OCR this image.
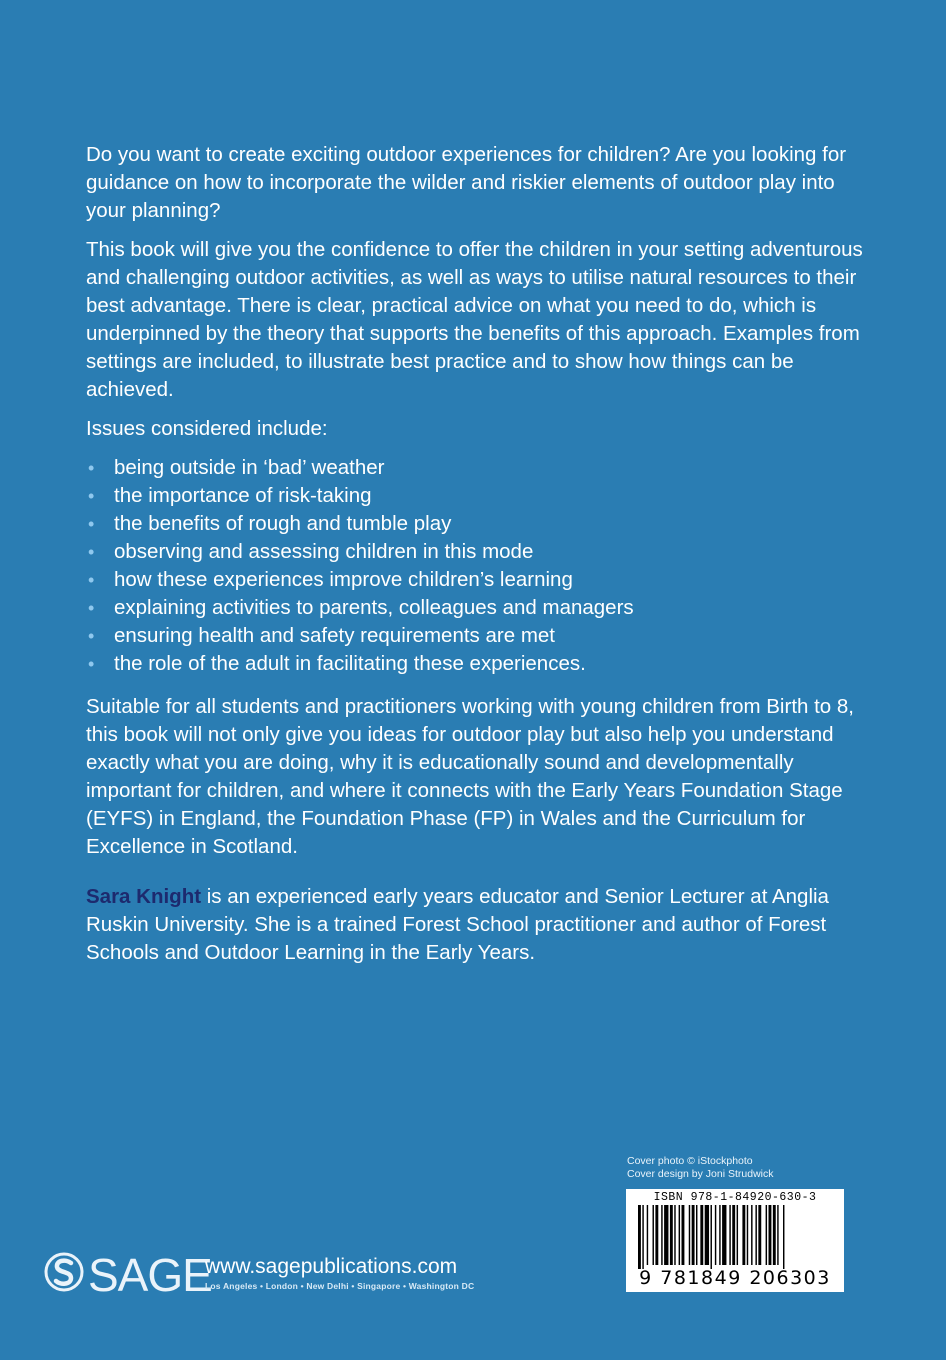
Do you want to create exciting outdoor experiences for children? Are you looking for guidance on how to incorporate the wilder and riskier elements of outdoor play into your planning?

This book will give you the confidence to offer the children in your setting adventurous and challenging outdoor activities, as well as ways to utilise natural resources to their best advantage. There is clear, practical advice on what you need to do, which is underpinned by the theory that supports the benefits of this approach. Examples from settings are included, to illustrate best practice and to show how things can be achieved.

Issues considered include:

• being outside in ‘bad’ weather
• the importance of risk-taking
• the benefits of rough and tumble play
• observing and assessing children in this mode
• how these experiences improve children’s learning
• explaining activities to parents, colleagues and managers
• ensuring health and safety requirements are met
• the role of the adult in facilitating these experiences.

Suitable for all students and practitioners working with young children from Birth to 8, this book will not only give you ideas for outdoor play but also help you understand exactly what you are doing, why it is educationally sound and developmentally important for children, and where it connects with the Early Years Foundation Stage (EYFS) in England, the Foundation Phase (FP) in Wales and the Curriculum for Excellence in Scotland.

Sara Knight is an experienced early years educator and Senior Lecturer at Anglia Ruskin University. She is a trained Forest School practitioner and author of Forest Schools and Outdoor Learning in the Early Years.

Cover photo © iStockphoto
Cover design by Joni Strudwick
ISBN 978-1-84920-630-3
9 781849 206303
SAGE
www.sagepublications.com
Los Angeles • London • New Delhi • Singapore • Washington DC
